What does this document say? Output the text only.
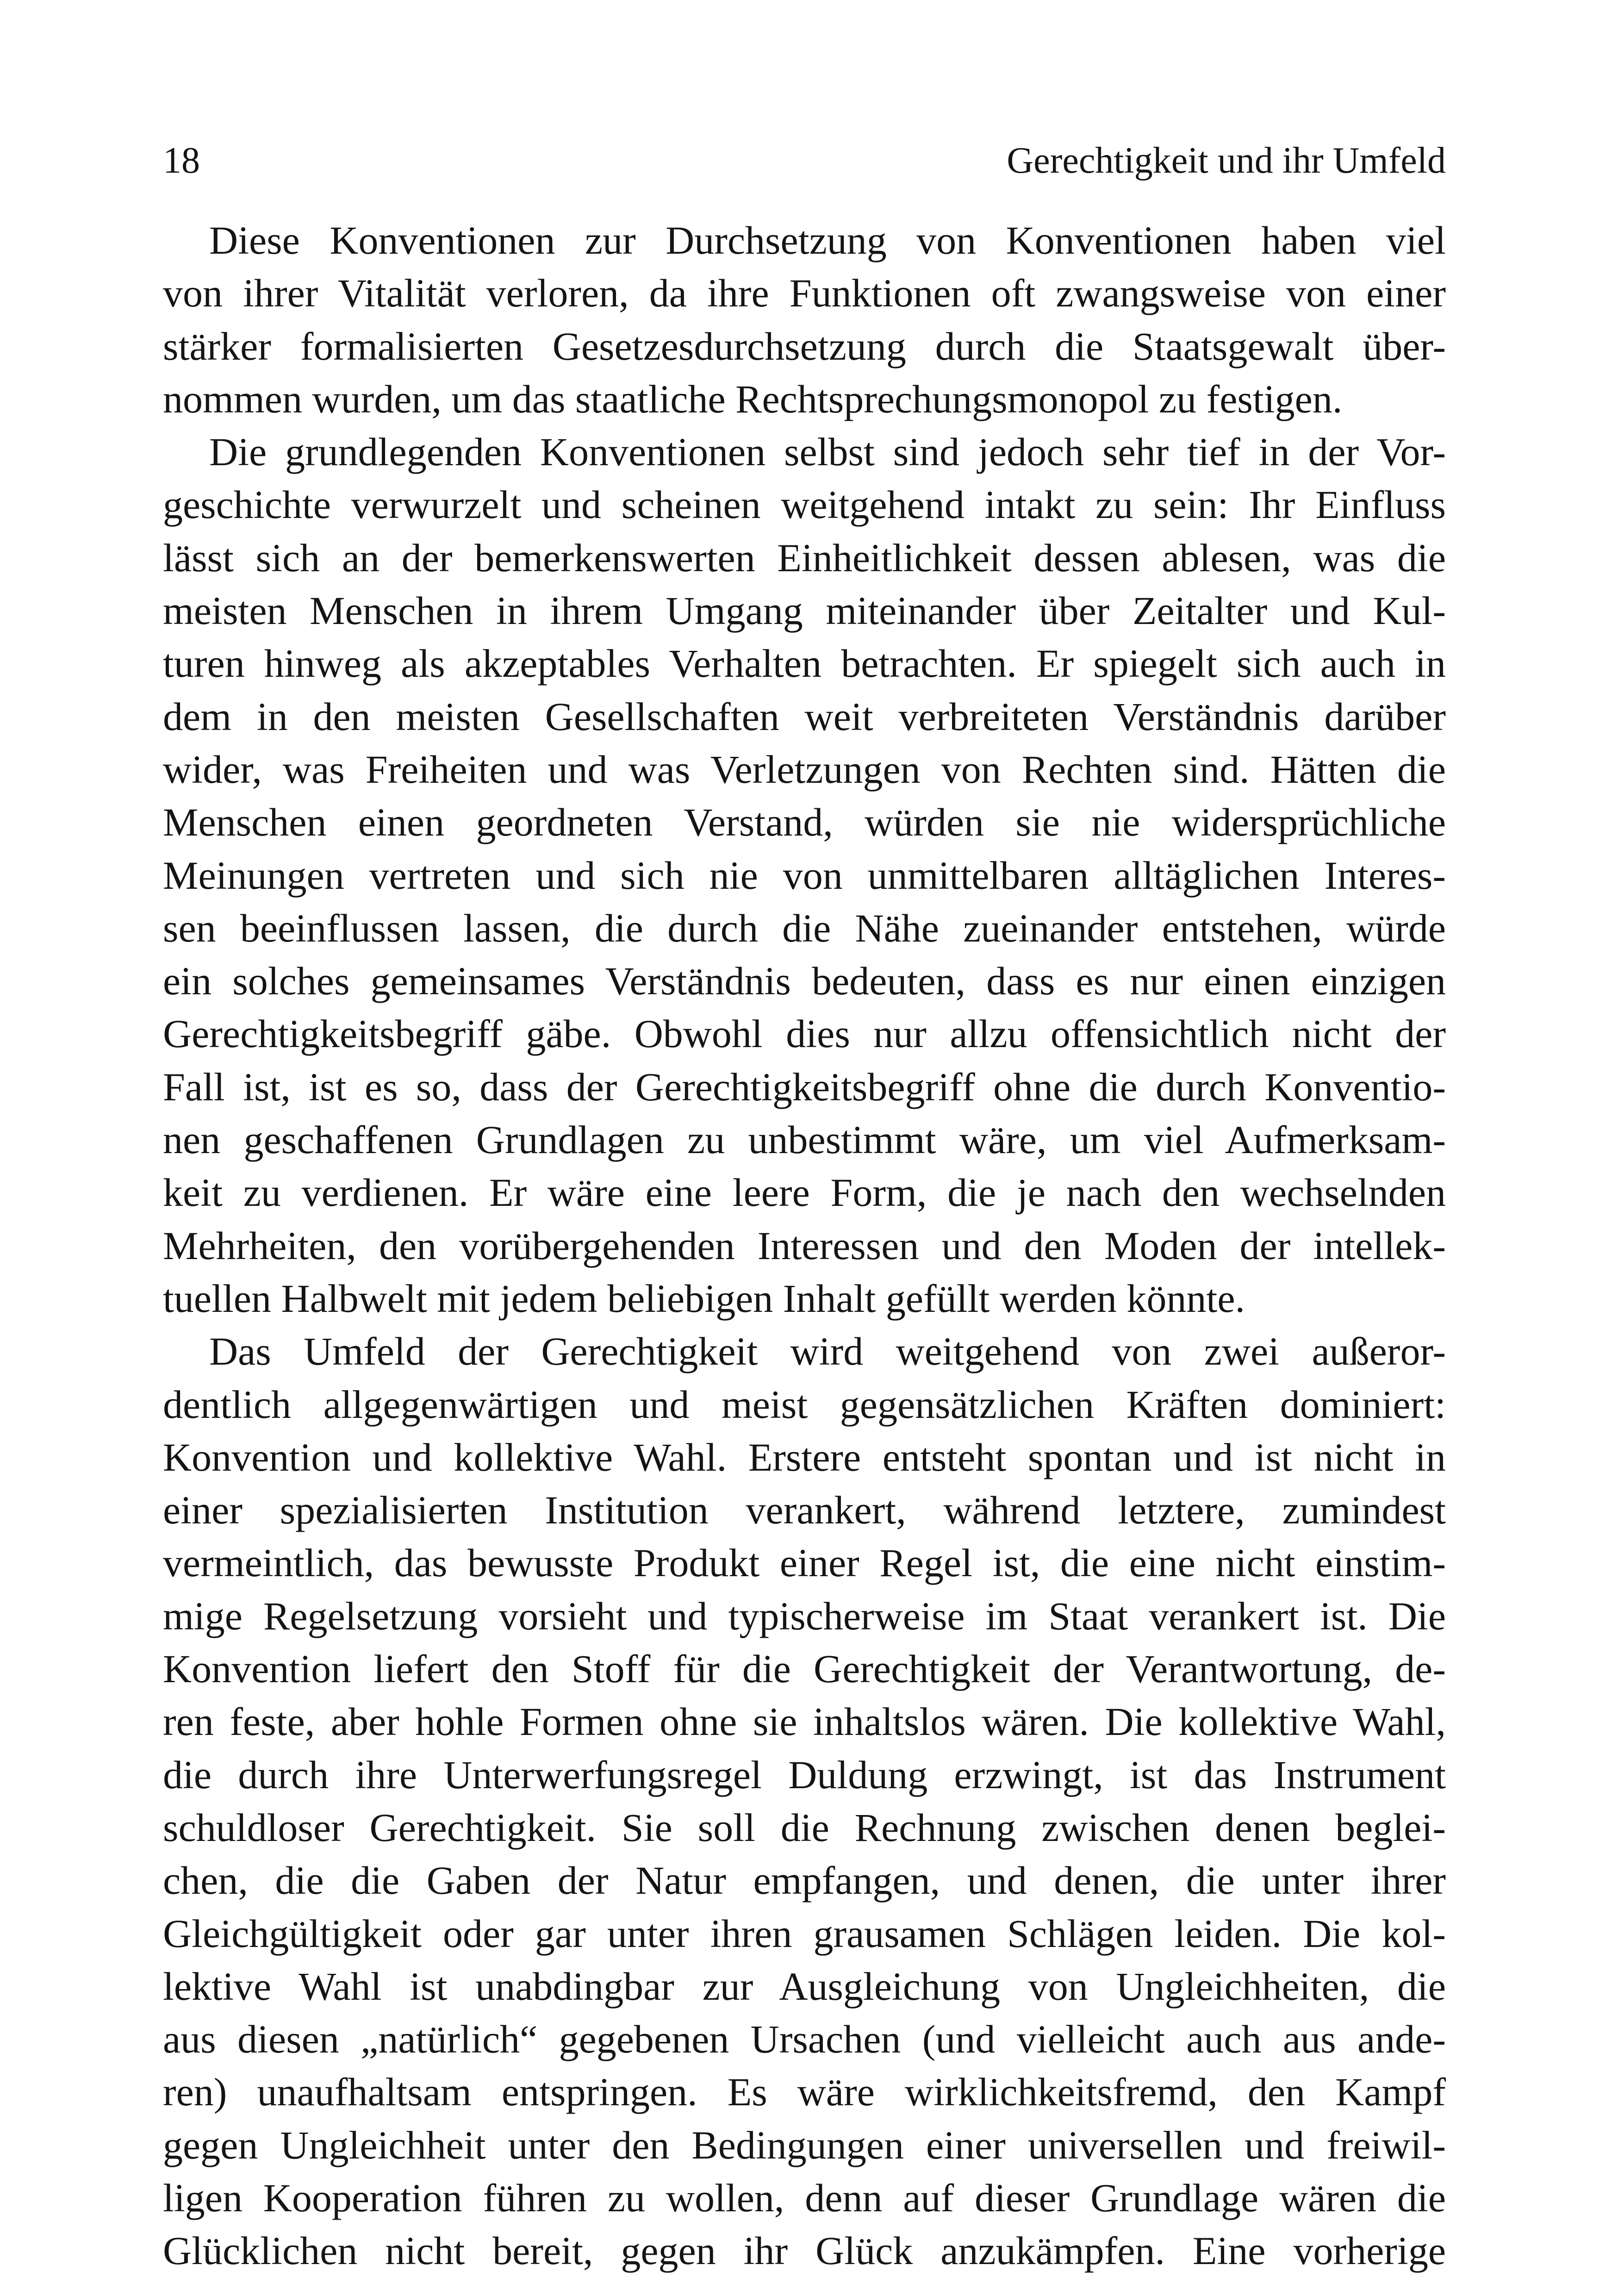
18	Gerechtigkeit und ihr Umfeld
Diese Konventionen zur Durchsetzung von Konventionen haben viel
von ihrer Vitalität verloren, da ihre Funktionen oft zwangsweise von einer
stärker formalisierten Gesetzesdurchsetzung durch die Staatsgewalt über-
nommen wurden, um das staatliche Rechtsprechungsmonopol zu festigen.
Die grundlegenden Konventionen selbst sind jedoch sehr tief in der Vor-
geschichte verwurzelt und scheinen weitgehend intakt zu sein: Ihr Einfluss
lässt sich an der bemerkenswerten Einheitlichkeit dessen ablesen, was die
meisten Menschen in ihrem Umgang miteinander über Zeitalter und Kul-
turen hinweg als akzeptables Verhalten betrachten. Er spiegelt sich auch in
dem in den meisten Gesellschaften weit verbreiteten Verständnis darüber
wider, was Freiheiten und was Verletzungen von Rechten sind. Hätten die
Menschen einen geordneten Verstand, würden sie nie widersprüchliche
Meinungen vertreten und sich nie von unmittelbaren alltäglichen Interes-
sen beeinflussen lassen, die durch die Nähe zueinander entstehen, würde
ein solches gemeinsames Verständnis bedeuten, dass es nur einen einzigen
Gerechtigkeitsbegriff gäbe. Obwohl dies nur allzu offensichtlich nicht der
Fall ist, ist es so, dass der Gerechtigkeitsbegriff ohne die durch Konventio-
nen geschaffenen Grundlagen zu unbestimmt wäre, um viel Aufmerksam-
keit zu verdienen. Er wäre eine leere Form, die je nach den wechselnden
Mehrheiten, den vorübergehenden Interessen und den Moden der intellek-
tuellen Halbwelt mit jedem beliebigen Inhalt gefüllt werden könnte.
Das Umfeld der Gerechtigkeit wird weitgehend von zwei außeror-
dentlich allgegenwärtigen und meist gegensätzlichen Kräften dominiert:
Konvention und kollektive Wahl. Erstere entsteht spontan und ist nicht in
einer spezialisierten Institution verankert, während letztere, zumindest
vermeintlich, das bewusste Produkt einer Regel ist, die eine nicht einstim-
mige Regelsetzung vorsieht und typischerweise im Staat verankert ist. Die
Konvention liefert den Stoff für die Gerechtigkeit der Verantwortung, de-
ren feste, aber hohle Formen ohne sie inhaltslos wären. Die kollektive Wahl,
die durch ihre Unterwerfungsregel Duldung erzwingt, ist das Instrument
schuldloser Gerechtigkeit. Sie soll die Rechnung zwischen denen beglei-
chen, die die Gaben der Natur empfangen, und denen, die unter ihrer
Gleichgültigkeit oder gar unter ihren grausamen Schlägen leiden. Die kol-
lektive Wahl ist unabdingbar zur Ausgleichung von Ungleichheiten, die
aus diesen „natürlich“ gegebenen Ursachen (und vielleicht auch aus ande-
ren) unaufhaltsam entspringen. Es wäre wirklichkeitsfremd, den Kampf
gegen Ungleichheit unter den Bedingungen einer universellen und freiwil-
ligen Kooperation führen zu wollen, denn auf dieser Grundlage wären die
Glücklichen nicht bereit, gegen ihr Glück anzukämpfen. Eine vorherige
